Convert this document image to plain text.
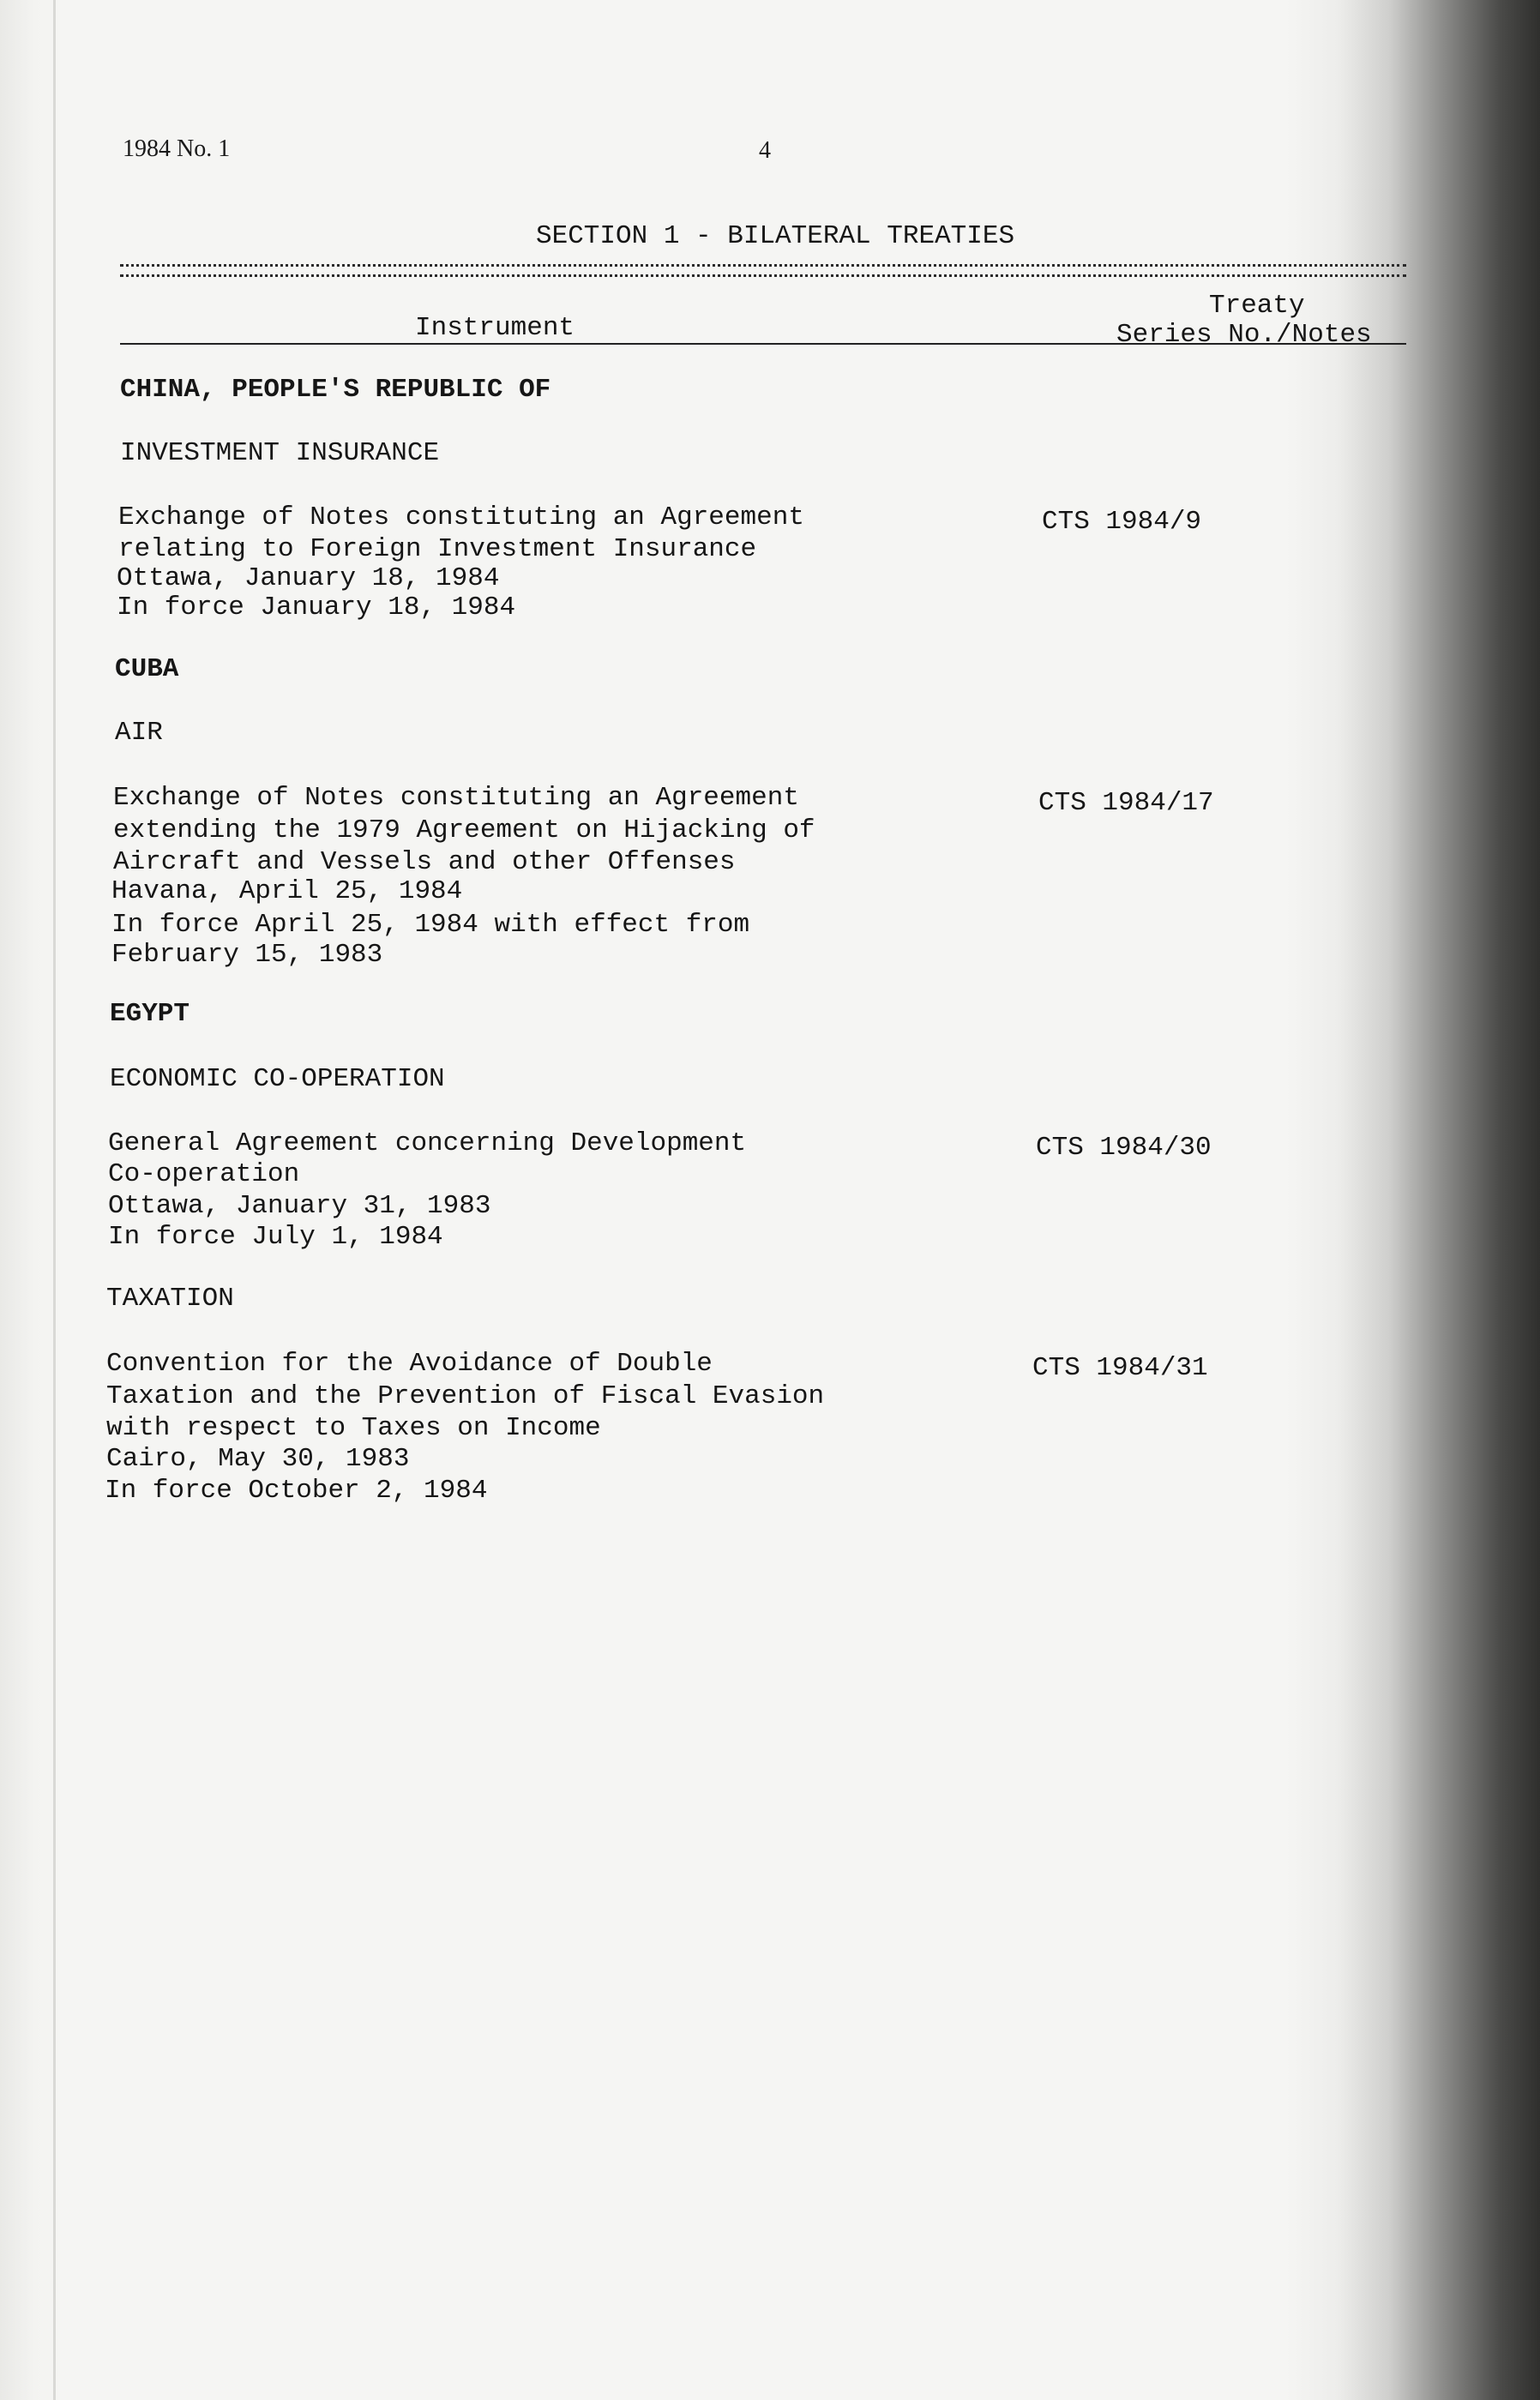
1984 No. 1	4
SECTION 1 - BILATERAL TREATIES
Treaty
Instrument	Series No./Notes
CHINA, PEOPLE'S REPUBLIC OF
INVESTMENT INSURANCE
Exchange of Notes constituting an Agreement
relating to Foreign Investment Insurance
Ottawa, January 18, 1984
In force January 18, 1984
CTS 1984/9
CUBA
AIR
Exchange of Notes constituting an Agreement
extending the 1979 Agreement on Hijacking of
Aircraft and Vessels and other Offenses
Havana, April 25, 1984
In force April 25, 1984 with effect from
February 15, 1983
CTS 1984/17
EGYPT
ECONOMIC CO-OPERATION
General Agreement concerning Development
Co-operation
Ottawa, January 31, 1983
In force July 1, 1984
CTS 1984/30
TAXATION
Convention for the Avoidance of Double
Taxation and the Prevention of Fiscal Evasion
with respect to Taxes on Income
Cairo, May 30, 1983
In force October 2, 1984
CTS 1984/31
